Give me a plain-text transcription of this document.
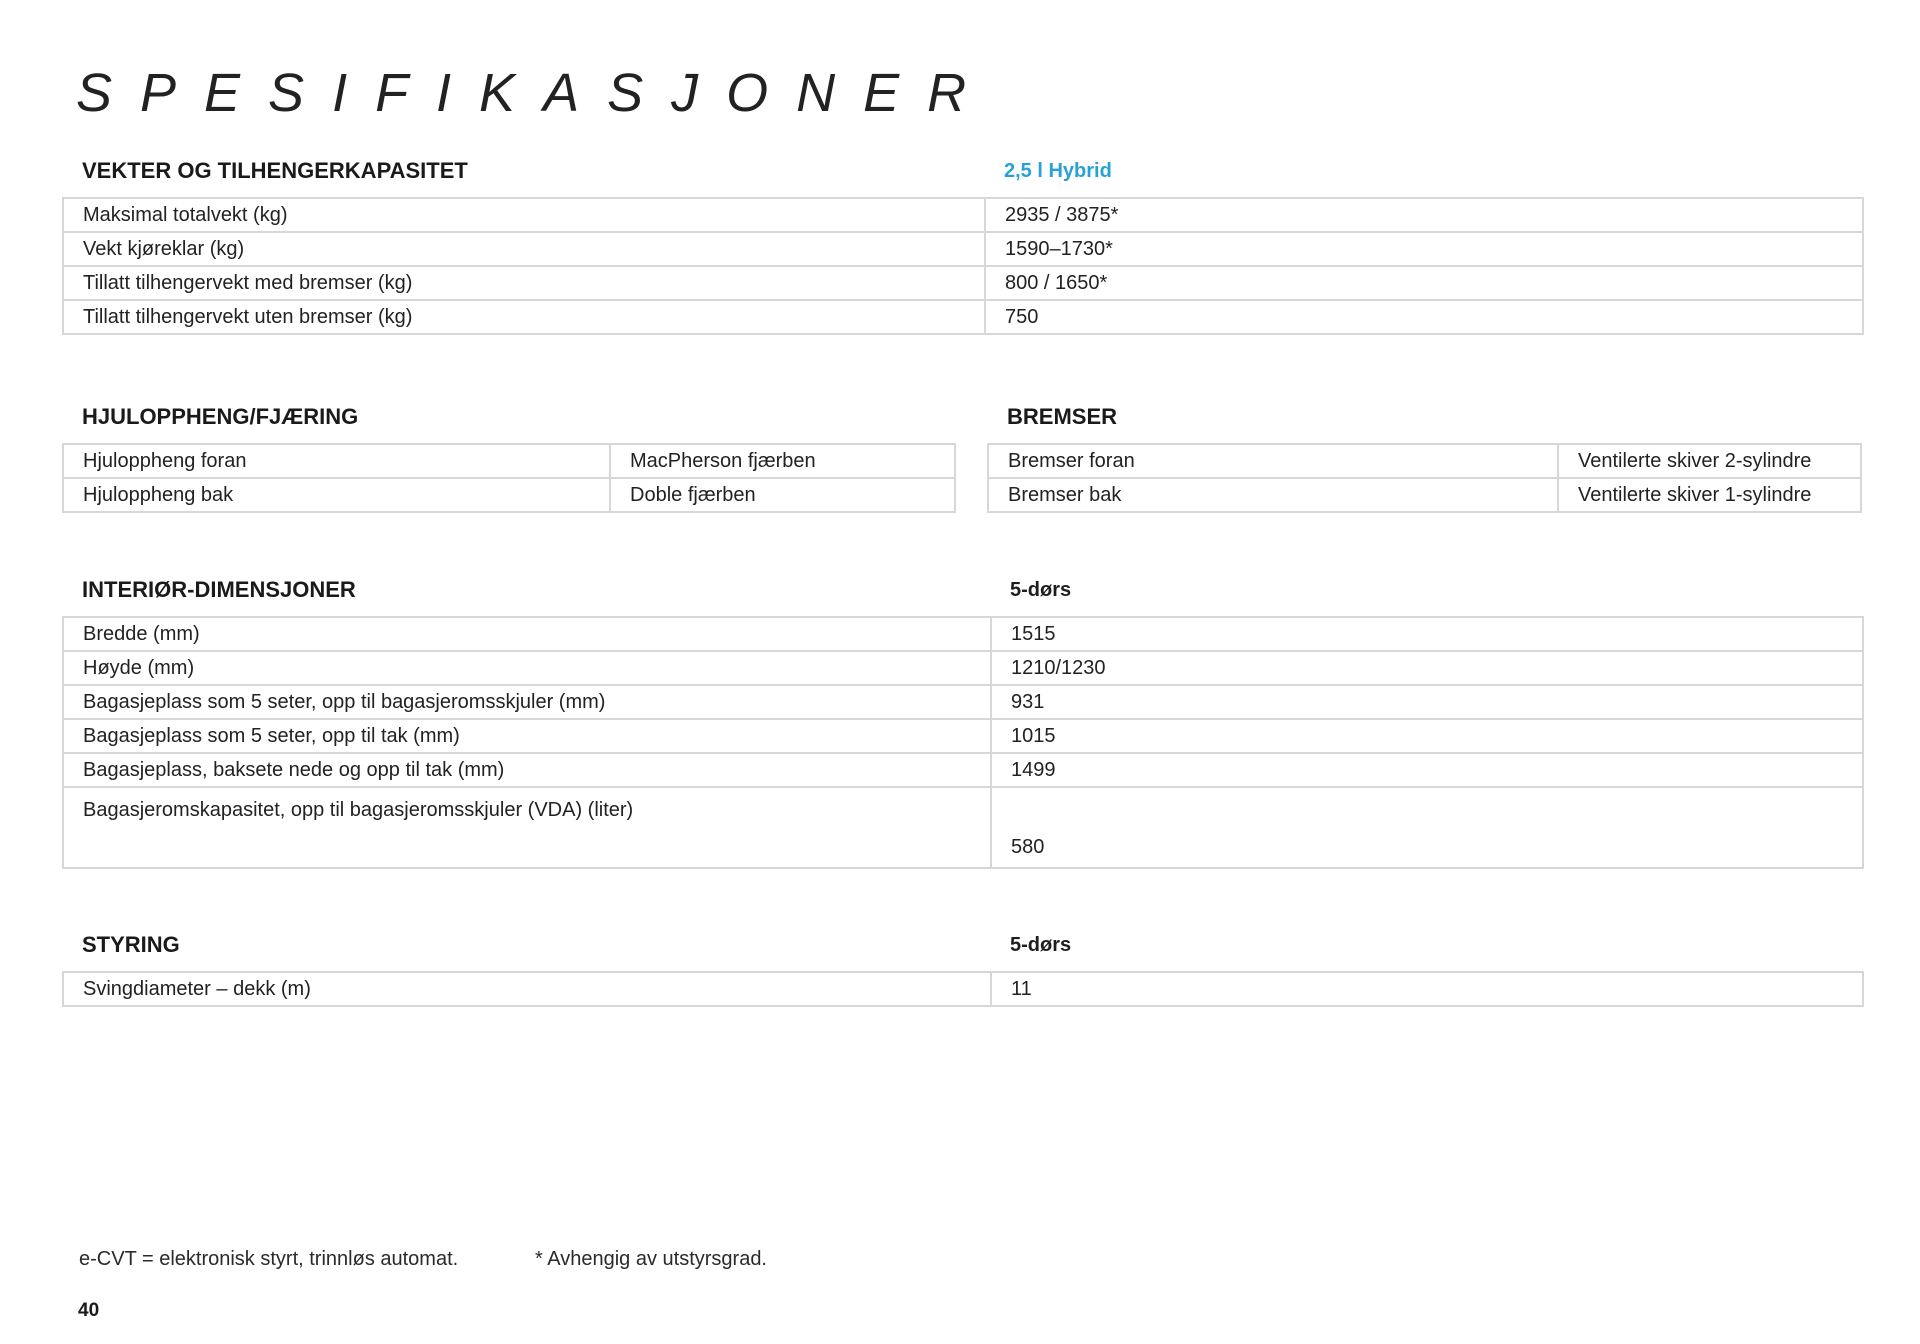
SPESIFIKASJONER
VEKTER OG TILHENGERKAPASITET	2,5 l Hybrid
Maksimal totalvekt (kg)	2935 / 3875*
Vekt kjøreklar (kg)	1590–1730*
Tillatt tilhengervekt med bremser (kg)	800 / 1650*
Tillatt tilhengervekt uten bremser (kg)	750
HJULOPPHENG/FJÆRING
Hjuloppheng foran	MacPherson fjærben
Hjuloppheng bak	Doble fjærben
BREMSER
Bremser foran	Ventilerte skiver 2-sylindre
Bremser bak	Ventilerte skiver 1-sylindre
INTERIØR-DIMENSJONER	5-dørs
Bredde (mm)	1515
Høyde (mm)	1210/1230
Bagasjeplass som 5 seter, opp til bagasjeromsskjuler (mm)	931
Bagasjeplass som 5 seter, opp til tak (mm)	1015
Bagasjeplass, baksete nede og opp til tak (mm)	1499
Bagasjeromskapasitet, opp til bagasjeromsskjuler (VDA) (liter)	580
STYRING	5-dørs
Svingdiameter – dekk (m)	11
e-CVT = elektronisk styrt, trinnløs automat.	* Avhengig av utstyrsgrad.
40
